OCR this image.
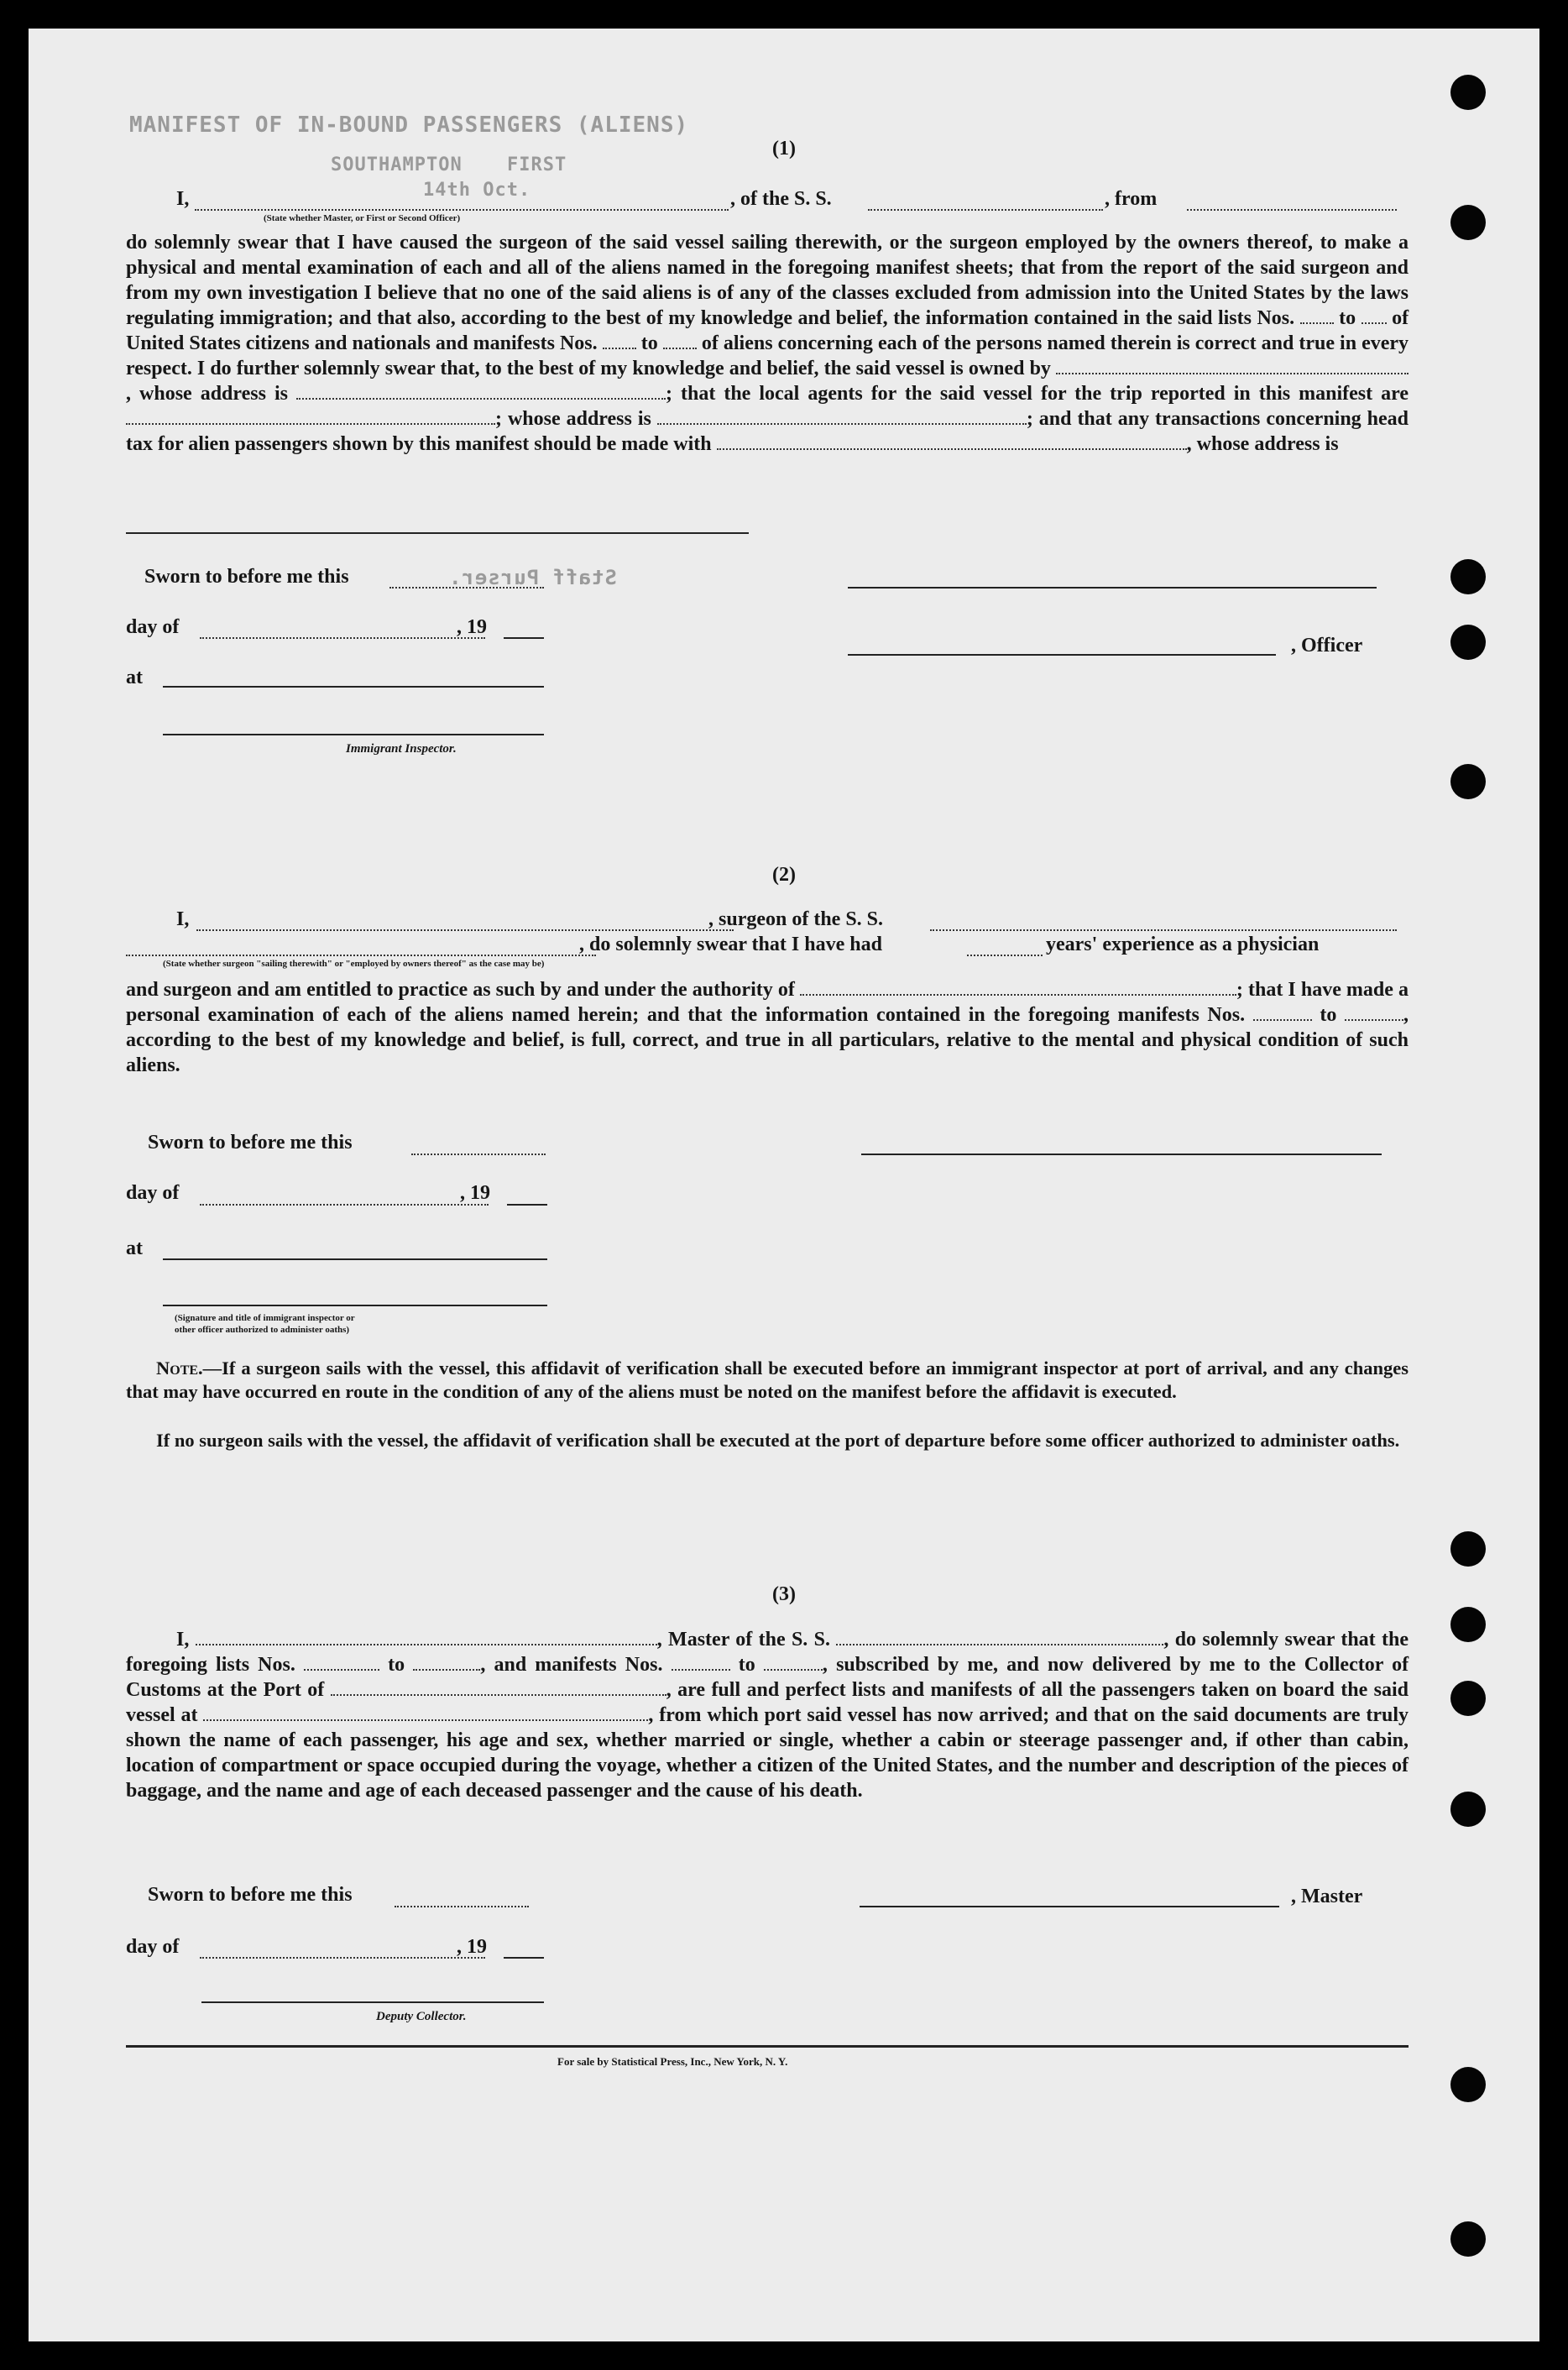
MANIFEST OF IN-BOUND PASSENGERS (ALIENS)
FIRST
SOUTHAMPTON
14th Oct.
Staff Purser.
(1)
I,	, of the S. S.	, from
(State whether Master, or First or Second Officer)
do solemnly swear that I have caused the surgeon of the said vessel sailing therewith, or the surgeon employed by the owners thereof, to make a physical and mental examination of each and all of the aliens named in the foregoing manifest sheets; that from the report of the said surgeon and from my own investigation I believe that no one of the said aliens is of any of the classes excluded from admission into the United States by the laws regulating immigration; and that also, according to the best of my knowledge and belief, the information contained in the said lists Nos. to of United States citizens and nationals and manifests Nos. to of aliens concerning each of the persons named therein is correct and true in every respect. I do further solemnly swear that, to the best of my knowledge and belief, the said vessel is owned by  , whose address is	; that the local agents for the said vessel for the trip reported in this manifest are ; whose address is	; and that any transactions concerning head tax for alien passengers shown by this manifest should be made with	, whose address is
Sworn to before me this
day of	, 19
at
Immigrant Inspector.
, Officer
(2)
I,	, surgeon of the S. S.
, do solemnly swear that I have had	years' experience as a physician
(State whether surgeon "sailing therewith" or "employed by owners thereof" as the case may be)
and surgeon and am entitled to practice as such by and under the authority of	; that I have made a personal examination of each of the aliens named herein; and that the information contained in the foregoing manifests Nos.	to	, according to the best of my knowledge and belief, is full, correct, and true in all particulars, relative to the mental and physical condition of such aliens.
Sworn to before me this
day of	, 19
at
(Signature and title of immigrant inspector or
other officer authorized to administer oaths)
Note.—If a surgeon sails with the vessel, this affidavit of verification shall be executed before an immigrant inspector at port of arrival, and any changes that may have occurred en route in the condition of any of the aliens must be noted on the manifest before the affidavit is executed.
If no surgeon sails with the vessel, the affidavit of verification shall be executed at the port of departure before some officer authorized to administer oaths.
(3)
I,	, Master of the S. S.	, do solemnly swear that the foregoing lists Nos.	to	, and manifests Nos.	to	, subscribed by me, and now delivered by me to the Collector of Customs at the Port of	, are full and perfect lists and manifests of all the passengers taken on board the said vessel at	, from which port said vessel has now arrived; and that on the said documents are truly shown the name of each passenger, his age and sex, whether married or single, whether a cabin or steerage passenger and, if other than cabin, location of compartment or space occupied during the voyage, whether a citizen of the United States, and the number and description of the pieces of baggage, and the name and age of each deceased passenger and the cause of his death.
Sworn to before me this	, Master
day of	, 19
Deputy Collector.
For sale by Statistical Press, Inc., New York, N. Y.
